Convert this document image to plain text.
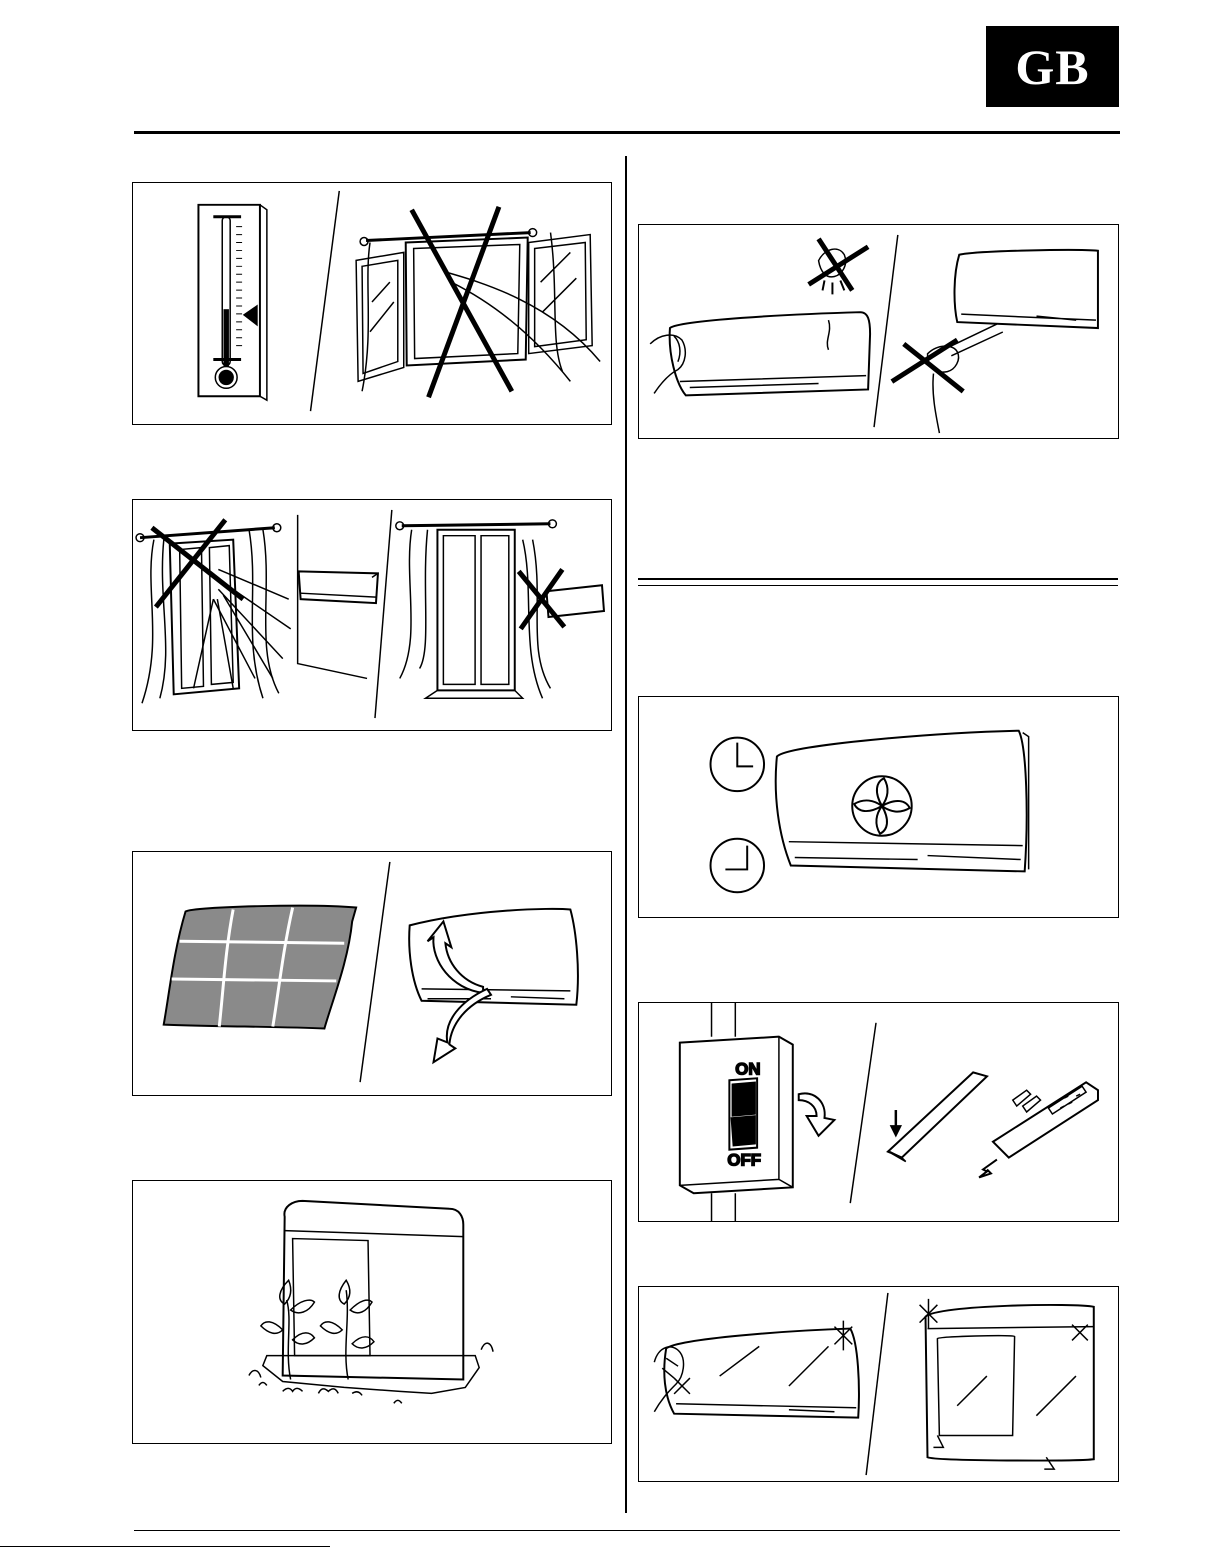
GB
ON
OFF
